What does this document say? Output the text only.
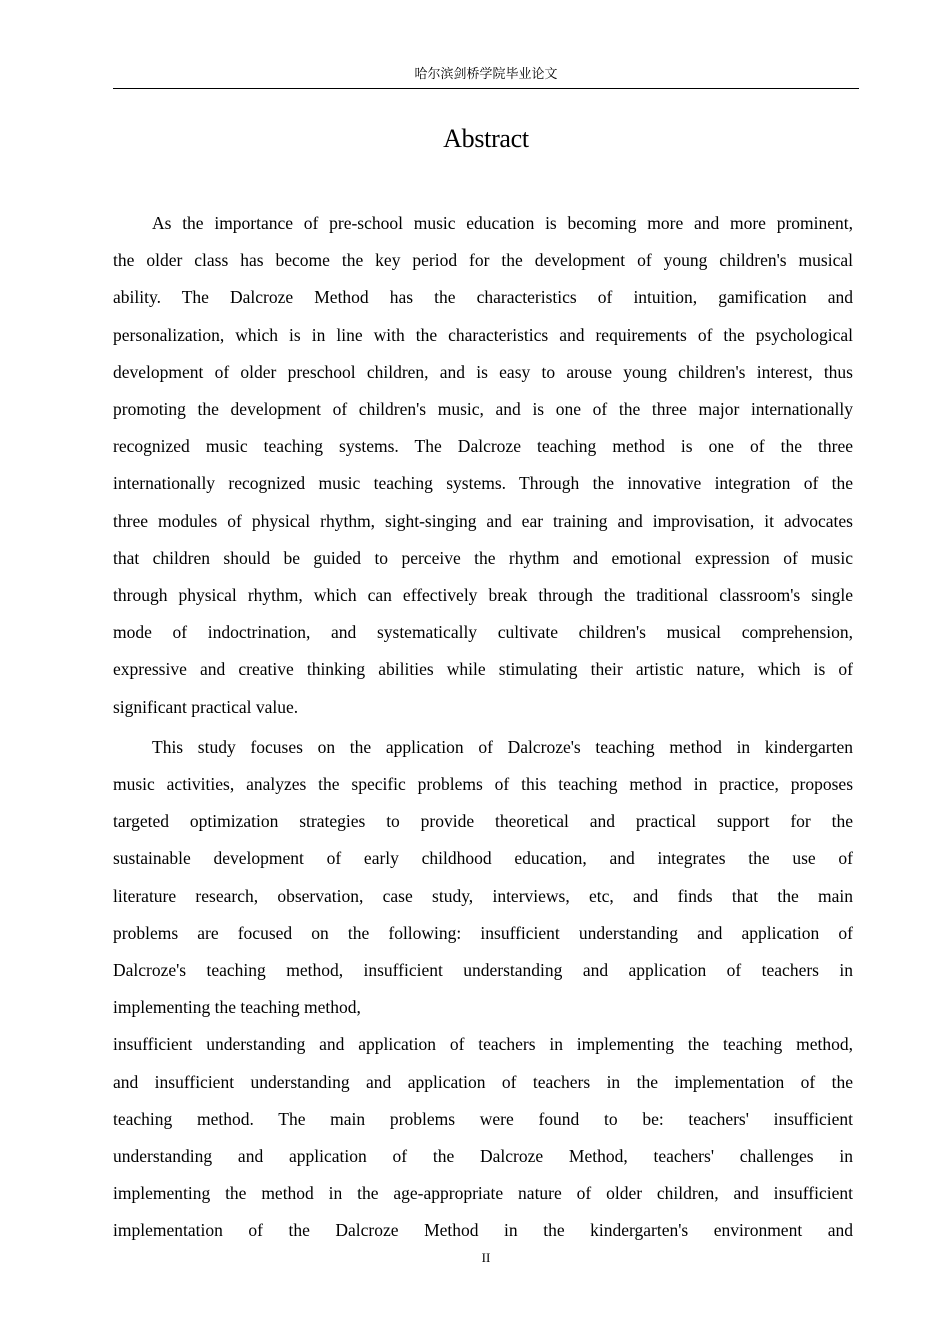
哈尔滨剑桥学院毕业论文
Abstract

As the importance of pre-school music education is becoming more and more prominent,

the older class has become the key period for the development of young children's musical

ability. The Dalcroze Method has the characteristics of intuition, gamification and

personalization, which is in line with the characteristics and requirements of the psychological

development of older preschool children, and is easy to arouse young children's interest, thus

promoting the development of children's music, and is one of the three major internationally

recognized music teaching systems. The Dalcroze teaching method is one of the three

internationally recognized music teaching systems. Through the innovative integration of the

three modules of physical rhythm, sight-singing and ear training and improvisation, it advocates

that children should be guided to perceive the rhythm and emotional expression of music

through physical rhythm, which can effectively break through the traditional classroom's single

mode of indoctrination, and systematically cultivate children's musical comprehension,

expressive and creative thinking abilities while stimulating their artistic nature, which is of

significant practical value.

This study focuses on the application of Dalcroze's teaching method in kindergarten

music activities, analyzes the specific problems of this teaching method in practice, proposes

targeted optimization strategies to provide theoretical and practical support for the

sustainable development of early childhood education, and integrates the use of

literature research, observation, case study, interviews, etc, and finds that the main

problems are focused on the following: insufficient understanding and application of

Dalcroze's teaching method, insufficient understanding and application of teachers in

implementing the teaching method,

insufficient understanding and application of teachers in implementing the teaching method,

and insufficient understanding and application of teachers in the implementation of the

teaching method. The main problems were found to be: teachers' insufficient

understanding and application of the Dalcroze Method, teachers' challenges in

implementing the method in the age-appropriate nature of older children, and insufficient

implementation of the Dalcroze Method in the kindergarten's environment and

II
